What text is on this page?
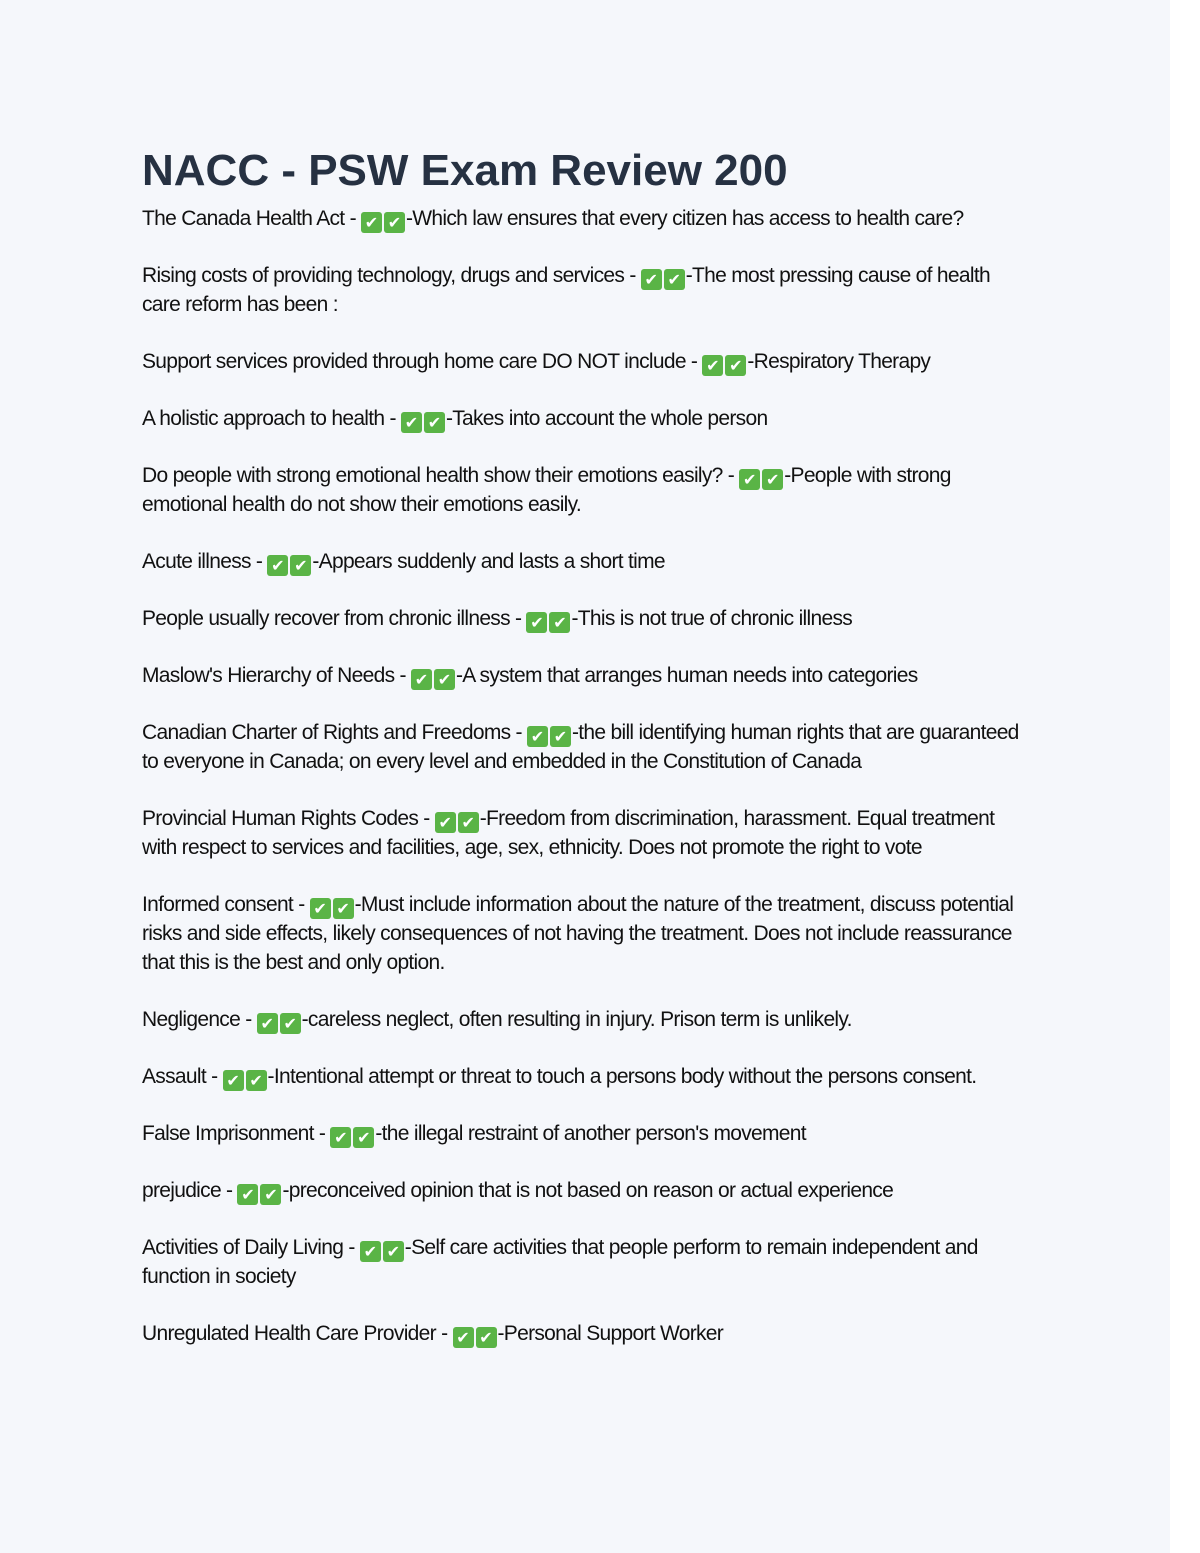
NACC - PSW Exam Review 200

The Canada Health Act - ✔ ✔ -Which law ensures that every citizen has access to health care?

Rising costs of providing technology, drugs and services - ✔ ✔ -The most pressing cause of health care reform has been :

Support services provided through home care DO NOT include - ✔ ✔ -Respiratory Therapy

A holistic approach to health - ✔ ✔ -Takes into account the whole person

Do people with strong emotional health show their emotions easily? - ✔ ✔ -People with strong emotional health do not show their emotions easily.

Acute illness - ✔ ✔ -Appears suddenly and lasts a short time

People usually recover from chronic illness - ✔ ✔ -This is not true of chronic illness

Maslow's Hierarchy of Needs - ✔ ✔ -A system that arranges human needs into categories

Canadian Charter of Rights and Freedoms - ✔ ✔ -the bill identifying human rights that are guaranteed to everyone in Canada; on every level and embedded in the Constitution of Canada

Provincial Human Rights Codes - ✔ ✔ -Freedom from discrimination, harassment. Equal treatment with respect to services and facilities, age, sex, ethnicity. Does not promote the right to vote

Informed consent - ✔ ✔ -Must include information about the nature of the treatment, discuss potential risks and side effects, likely consequences of not having the treatment. Does not include reassurance that this is the best and only option.

Negligence - ✔ ✔ -careless neglect, often resulting in injury. Prison term is unlikely.

Assault - ✔ ✔ -Intentional attempt or threat to touch a persons body without the persons consent.

False Imprisonment - ✔ ✔ -the illegal restraint of another person's movement

prejudice - ✔ ✔ -preconceived opinion that is not based on reason or actual experience

Activities of Daily Living - ✔ ✔ -Self care activities that people perform to remain independent and function in society

Unregulated Health Care Provider - ✔ ✔ -Personal Support Worker
